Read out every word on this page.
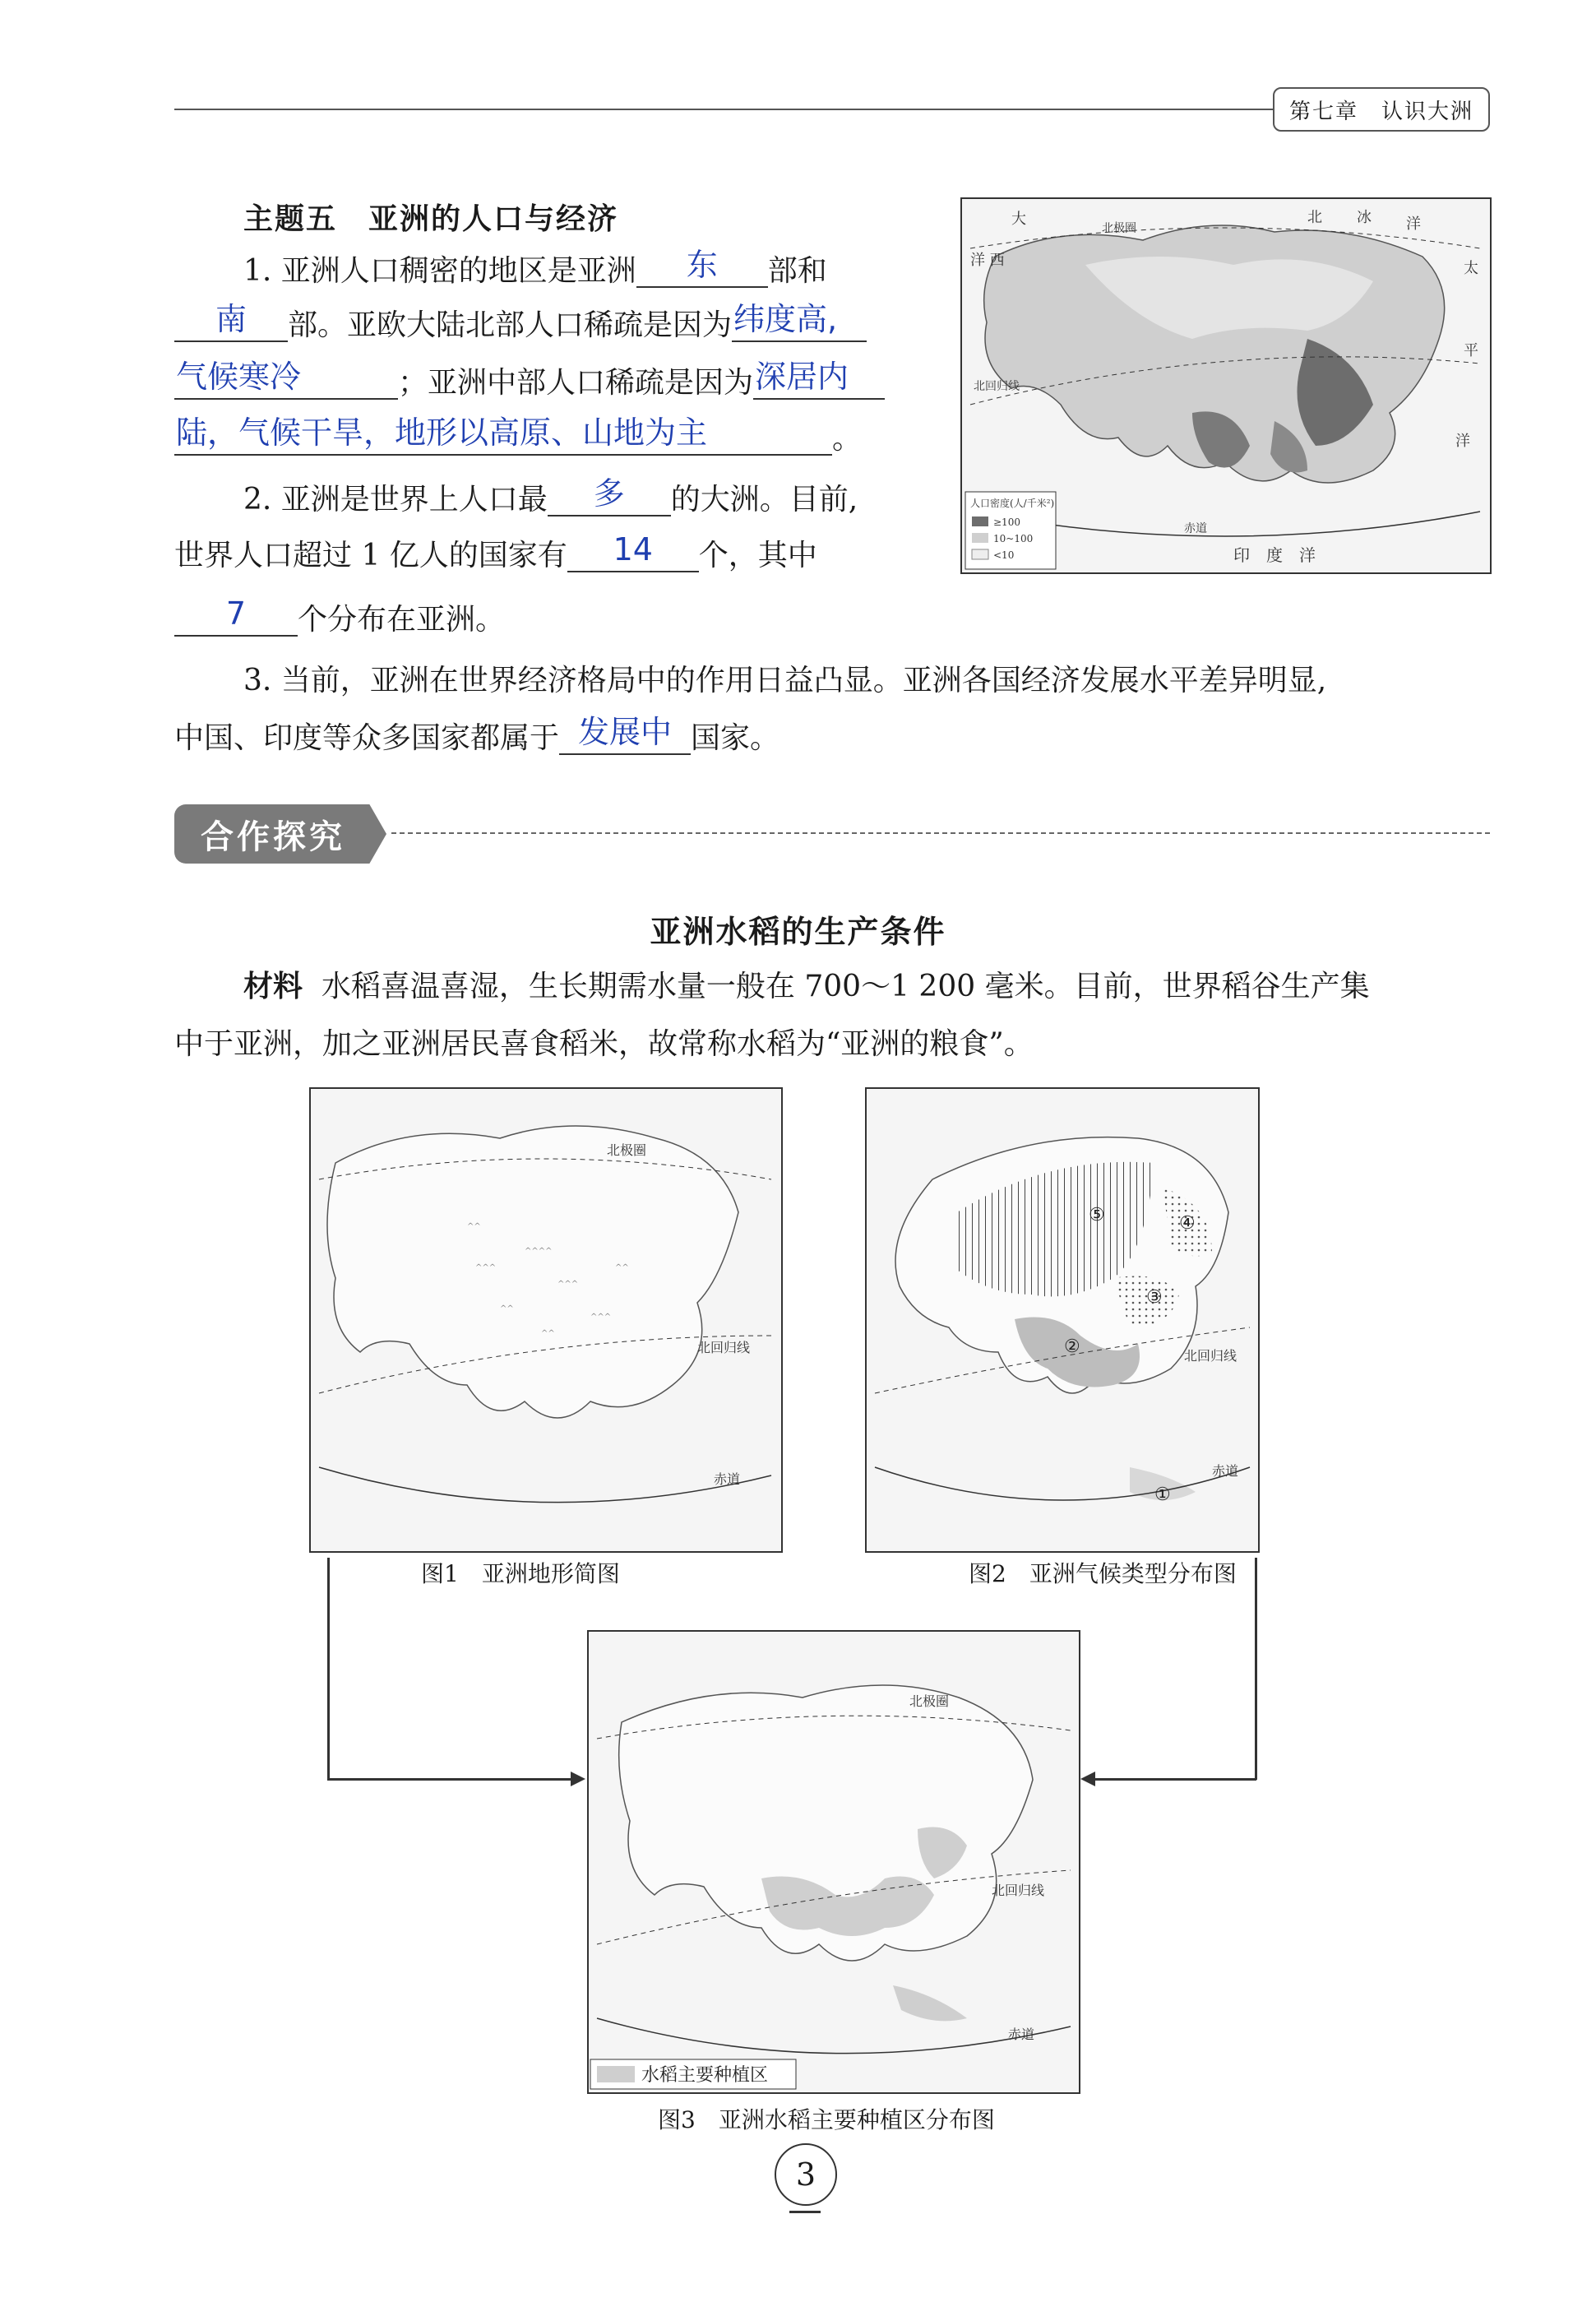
第七章　认识大洲
主题五　亚洲的人口与经济
1. 亚洲人口稠密的地区是亚洲	东	部和
南	部。亚欧大陆北部人口稀疏是因为 纬度高,
气候寒冷	；亚洲中部人口稀疏是因为 深居内
陆，气候干旱，地形以高原、山地为主	。
2. 亚洲是世界上人口最	多	的大洲。目前,
世界人口超过 1 亿人的国家有	14	个，其中
7	个分布在亚洲。
3. 当前，亚洲在世界经济格局中的作用日益凸显。亚洲各国经济发展水平差异明显,
中国、印度等众多国家都属于 发展中 国家。
洋 西
大	北 冰 洋
太
平
洋
北极圈
北回归线
赤道
印　度　洋
人口密度(人/千米²)
≥100
10~100
<10
合作探究
亚洲水稻的生产条件
材料 水稻喜温喜湿，生长期需水量一般在 700～1 200 毫米。目前，世界稻谷生产集
中于亚洲，加之亚洲居民喜食稻米，故常称水稻为“亚洲的粮食”。
^^^
^^^^
^^^
^^
^^^
^^
^^
^^
北极圈
北回归线
赤道
图1　亚洲地形简图
北回归线
赤道
①
②
③
④
⑤
图2　亚洲气候类型分布图
北极圈
北回归线
赤道
水稻主要种植区
图3　亚洲水稻主要种植区分布图
3
